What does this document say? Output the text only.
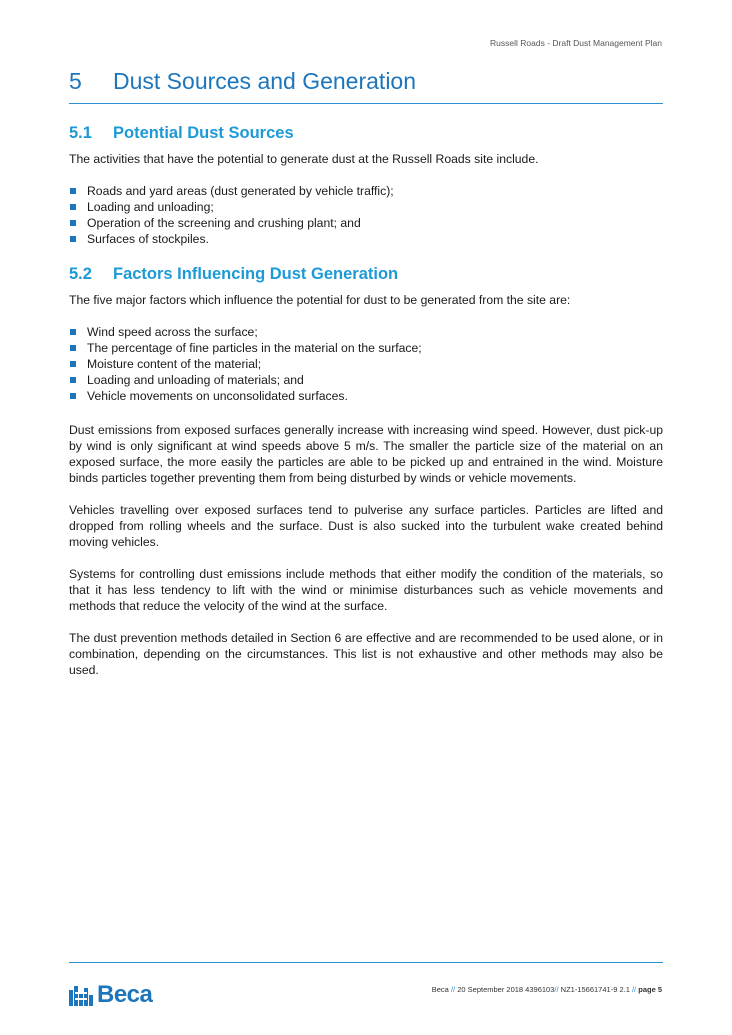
Russell Roads - Draft Dust Management Plan
5	Dust Sources and Generation
5.1	Potential Dust Sources

The activities that have the potential to generate dust at the Russell Roads site include.

Roads and yard areas (dust generated by vehicle traffic);
Loading and unloading;
Operation of the screening and crushing plant; and
Surfaces of stockpiles.
5.2	Factors Influencing Dust Generation

The five major factors which influence the potential for dust to be generated from the site are:

Wind speed across the surface;
The percentage of fine particles in the material on the surface;
Moisture content of the material;
Loading and unloading of materials; and
Vehicle movements on unconsolidated surfaces.

Dust emissions from exposed surfaces generally increase with increasing wind speed. However, dust pick-up by wind is only significant at wind speeds above 5 m/s. The smaller the particle size of the material on an exposed surface, the more easily the particles are able to be picked up and entrained in the wind. Moisture binds particles together preventing them from being disturbed by winds or vehicle movements.

Vehicles travelling over exposed surfaces tend to pulverise any surface particles. Particles are lifted and dropped from rolling wheels and the surface. Dust is also sucked into the turbulent wake created behind moving vehicles.

Systems for controlling dust emissions include methods that either modify the condition of the materials, so that it has less tendency to lift with the wind or minimise disturbances such as vehicle movements and methods that reduce the velocity of the wind at the surface.

The dust prevention methods detailed in Section 6 are effective and are recommended to be used alone, or in combination, depending on the circumstances. This list is not exhaustive and other methods may also be used.

Beca	Beca // 20 September 2018 4396103// NZ1-15661741-9 2.1 // page 5
